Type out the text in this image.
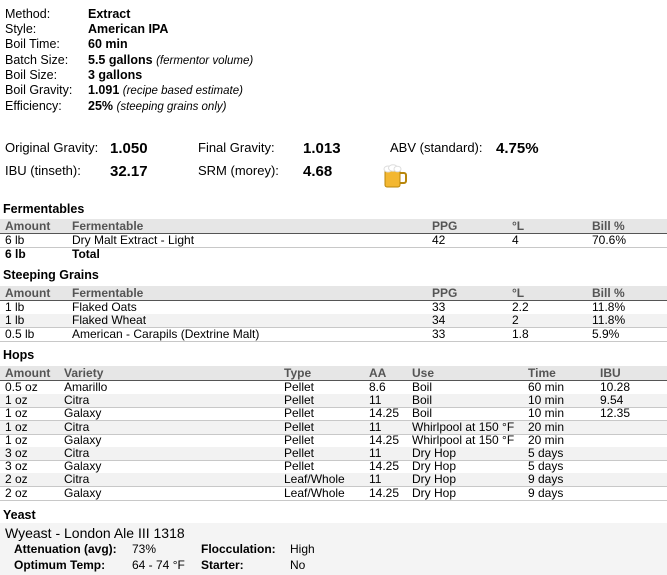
Method:	Extract
Style:	American IPA
Boil Time: 60 min
Batch Size: 5.5 gallons (fermentor volume)
Boil Size: 3 gallons
Boil Gravity: 1.091 (recipe based estimate)
Efficiency: 25% (steeping grains only)
Original Gravity: 1.050	Final Gravity: 1.013	ABV (standard): 4.75%
IBU (tinseth): 32.17	SRM (morey): 4.68
Fermentables
Amount Fermentable	PPG	°L	Bill %
6 lb	Dry Malt Extract - Light	42	4	70.6%
6 lb	Total
Steeping Grains
Amount Fermentable	PPG	°L	Bill %
1 lb	Flaked Oats	33	2.2	11.8%
1 lb	Flaked Wheat	34	2	11.8%
0.5 lb	American - Carapils (Dextrine Malt)	33	1.8	5.9%
Hops
Amount Variety	Type	AA Use	Time	IBU
0.5 oz Amarillo	Pellet	8.6 Boil	60 min	10.28
1 oz	Citra	Pellet	11	Boil	10 min	9.54
1 oz	Galaxy	Pellet	14.25 Boil	10 min	12.35
1 oz	Citra	Pellet	11	Whirlpool at 150 °F 20 min
1 oz	Galaxy	Pellet	14.25 Whirlpool at 150 °F 20 min
3 oz	Citra	Pellet	11	Dry Hop	5 days
3 oz	Galaxy	Pellet	14.25 Dry Hop	5 days
2 oz	Citra	Leaf/Whole 11	Dry Hop	9 days
2 oz	Galaxy	Leaf/Whole 14.25 Dry Hop	9 days
Yeast
Wyeast - London Ale III 1318
Attenuation (avg): 73%	Flocculation: High
Optimum Temp: 64 - 74 °F Starter:	No
